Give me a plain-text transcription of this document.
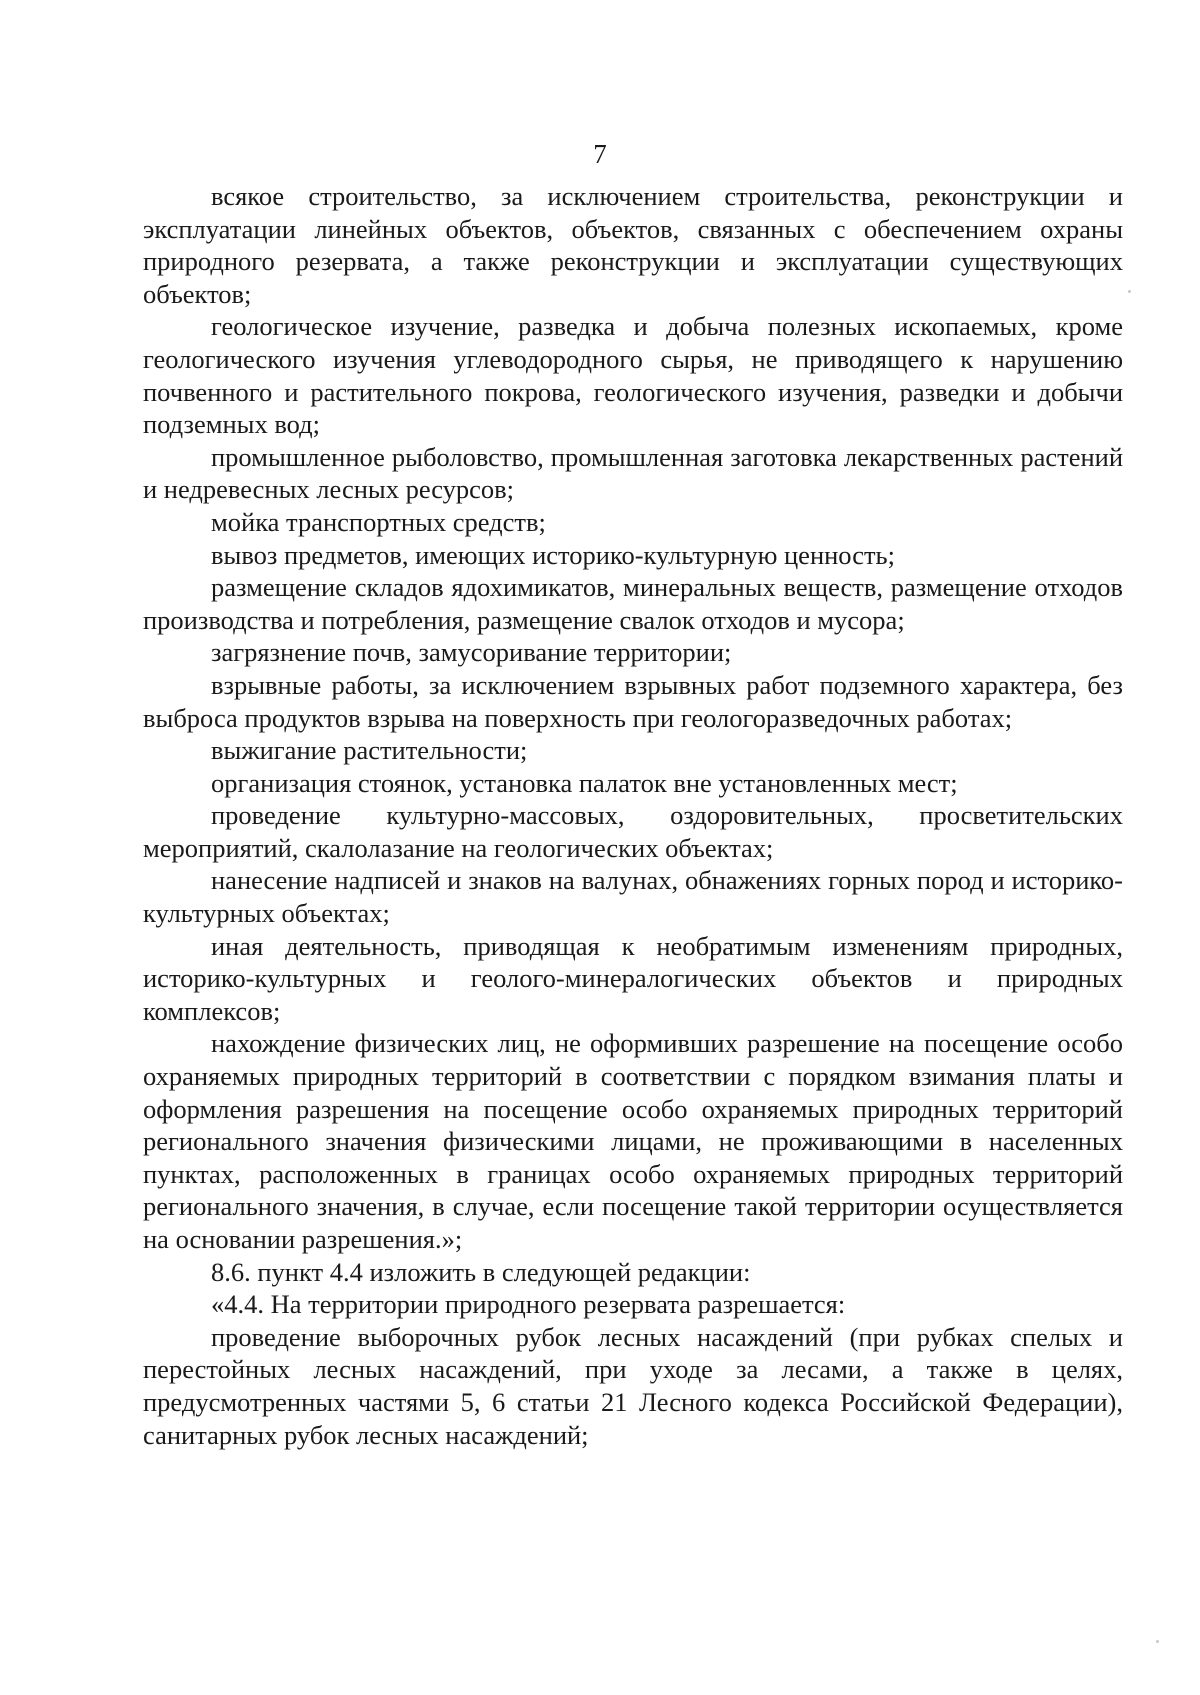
7

всякое строительство, за исключением строительства, реконструкции и эксплуатации линейных объектов, объектов, связанных с обеспечением охраны природного резервата, а также реконструкции и эксплуатации существующих объектов;

геологическое изучение, разведка и добыча полезных ископаемых, кроме геологического изучения углеводородного сырья, не приводящего к нарушению почвенного и растительного покрова, геологического изучения, разведки и добычи подземных вод;

промышленное рыболовство, промышленная заготовка лекарственных растений и недревесных лесных ресурсов;

мойка транспортных средств;

вывоз предметов, имеющих историко-культурную ценность;

размещение складов ядохимикатов, минеральных веществ, размещение отходов производства и потребления, размещение свалок отходов и мусора;

загрязнение почв, замусоривание территории;

взрывные работы, за исключением взрывных работ подземного характера, без выброса продуктов взрыва на поверхность при геологоразведочных работах;

выжигание растительности;

организация стоянок, установка палаток вне установленных мест;

проведение культурно-массовых, оздоровительных, просветительских мероприятий, скалолазание на геологических объектах;

нанесение надписей и знаков на валунах, обнажениях горных пород и историко-культурных объектах;

иная деятельность, приводящая к необратимым изменениям природных, историко-культурных и геолого-минералогических объектов и природных комплексов;

нахождение физических лиц, не оформивших разрешение на посещение особо охраняемых природных территорий в соответствии с порядком взимания платы и оформления разрешения на посещение особо охраняемых природных территорий регионального значения физическими лицами, не проживающими в населенных пунктах, расположенных в границах особо охраняемых природных территорий регионального значения, в случае, если посещение такой территории осуществляется на основании разрешения.»;

8.6. пункт 4.4 изложить в следующей редакции:

«4.4. На территории природного резервата разрешается:

проведение выборочных рубок лесных насаждений (при рубках спелых и перестойных лесных насаждений, при уходе за лесами, а также в целях, предусмотренных частями 5, 6 статьи 21 Лесного кодекса Российской Федерации), санитарных рубок лесных насаждений;
